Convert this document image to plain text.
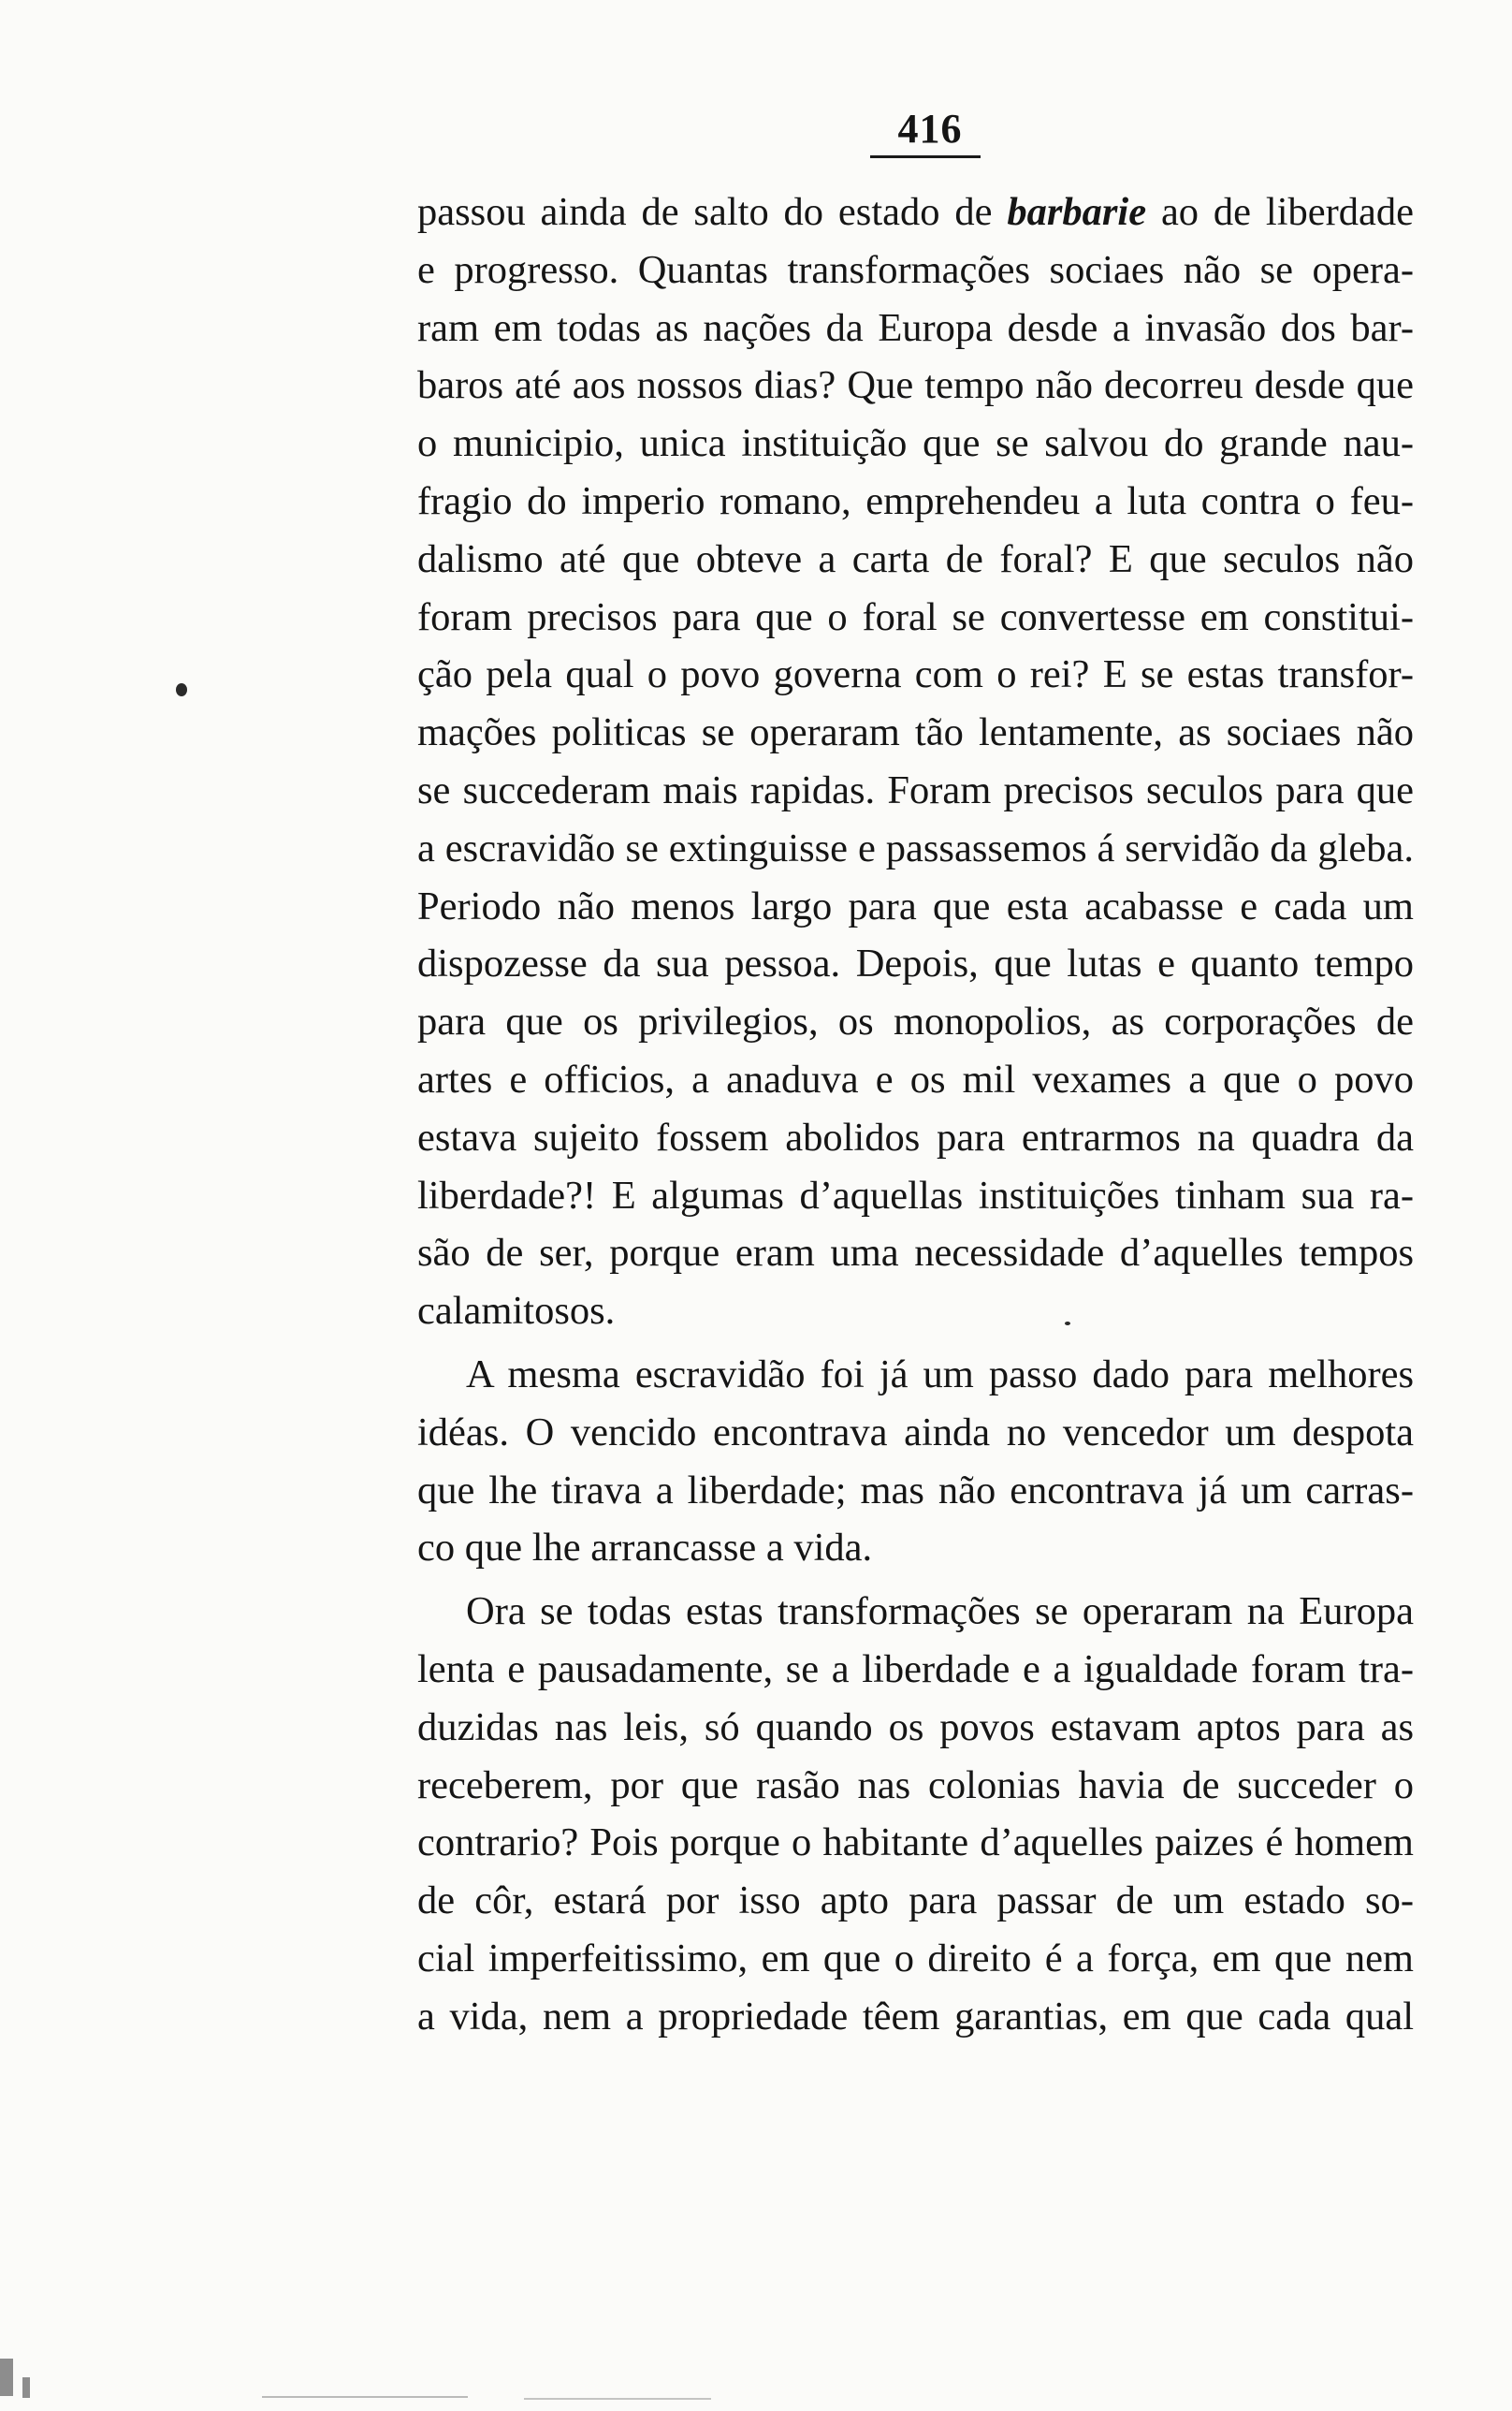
416
passou ainda de salto do estado de barbarie ao de liberdade
e progresso. Quantas transformações sociaes não se opera-
ram em todas as nações da Europa desde a invasão dos bar-
baros até aos nossos dias? Que tempo não decorreu desde que
o municipio, unica instituição que se salvou do grande nau-
fragio do imperio romano, emprehendeu a luta contra o feu-
dalismo até que obteve a carta de foral? E que seculos não
foram precisos para que o foral se convertesse em constitui-
ção pela qual o povo governa com o rei? E se estas transfor-
mações politicas se operaram tão lentamente, as sociaes não
se succederam mais rapidas. Foram precisos seculos para que
a escravidão se extinguisse e passassemos á servidão da gleba.
Periodo não menos largo para que esta acabasse e cada um
dispozesse da sua pessoa. Depois, que lutas e quanto tempo
para que os privilegios, os monopolios, as corporações de
artes e officios, a anaduva e os mil vexames a que o povo
estava sujeito fossem abolidos para entrarmos na quadra da
liberdade?! E algumas d’aquellas instituições tinham sua ra-
são de ser, porque eram uma necessidade d’aquelles tempos
calamitosos.
A mesma escravidão foi já um passo dado para melhores
idéas. O vencido encontrava ainda no vencedor um despota
que lhe tirava a liberdade; mas não encontrava já um carras-
co que lhe arrancasse a vida.
Ora se todas estas transformações se operaram na Europa
lenta e pausadamente, se a liberdade e a igualdade foram tra-
duzidas nas leis, só quando os povos estavam aptos para as
receberem, por que rasão nas colonias havia de succeder o
contrario? Pois porque o habitante d’aquelles paizes é homem
de côr, estará por isso apto para passar de um estado so-
cial imperfeitissimo, em que o direito é a força, em que nem
a vida, nem a propriedade têem garantias, em que cada qual
